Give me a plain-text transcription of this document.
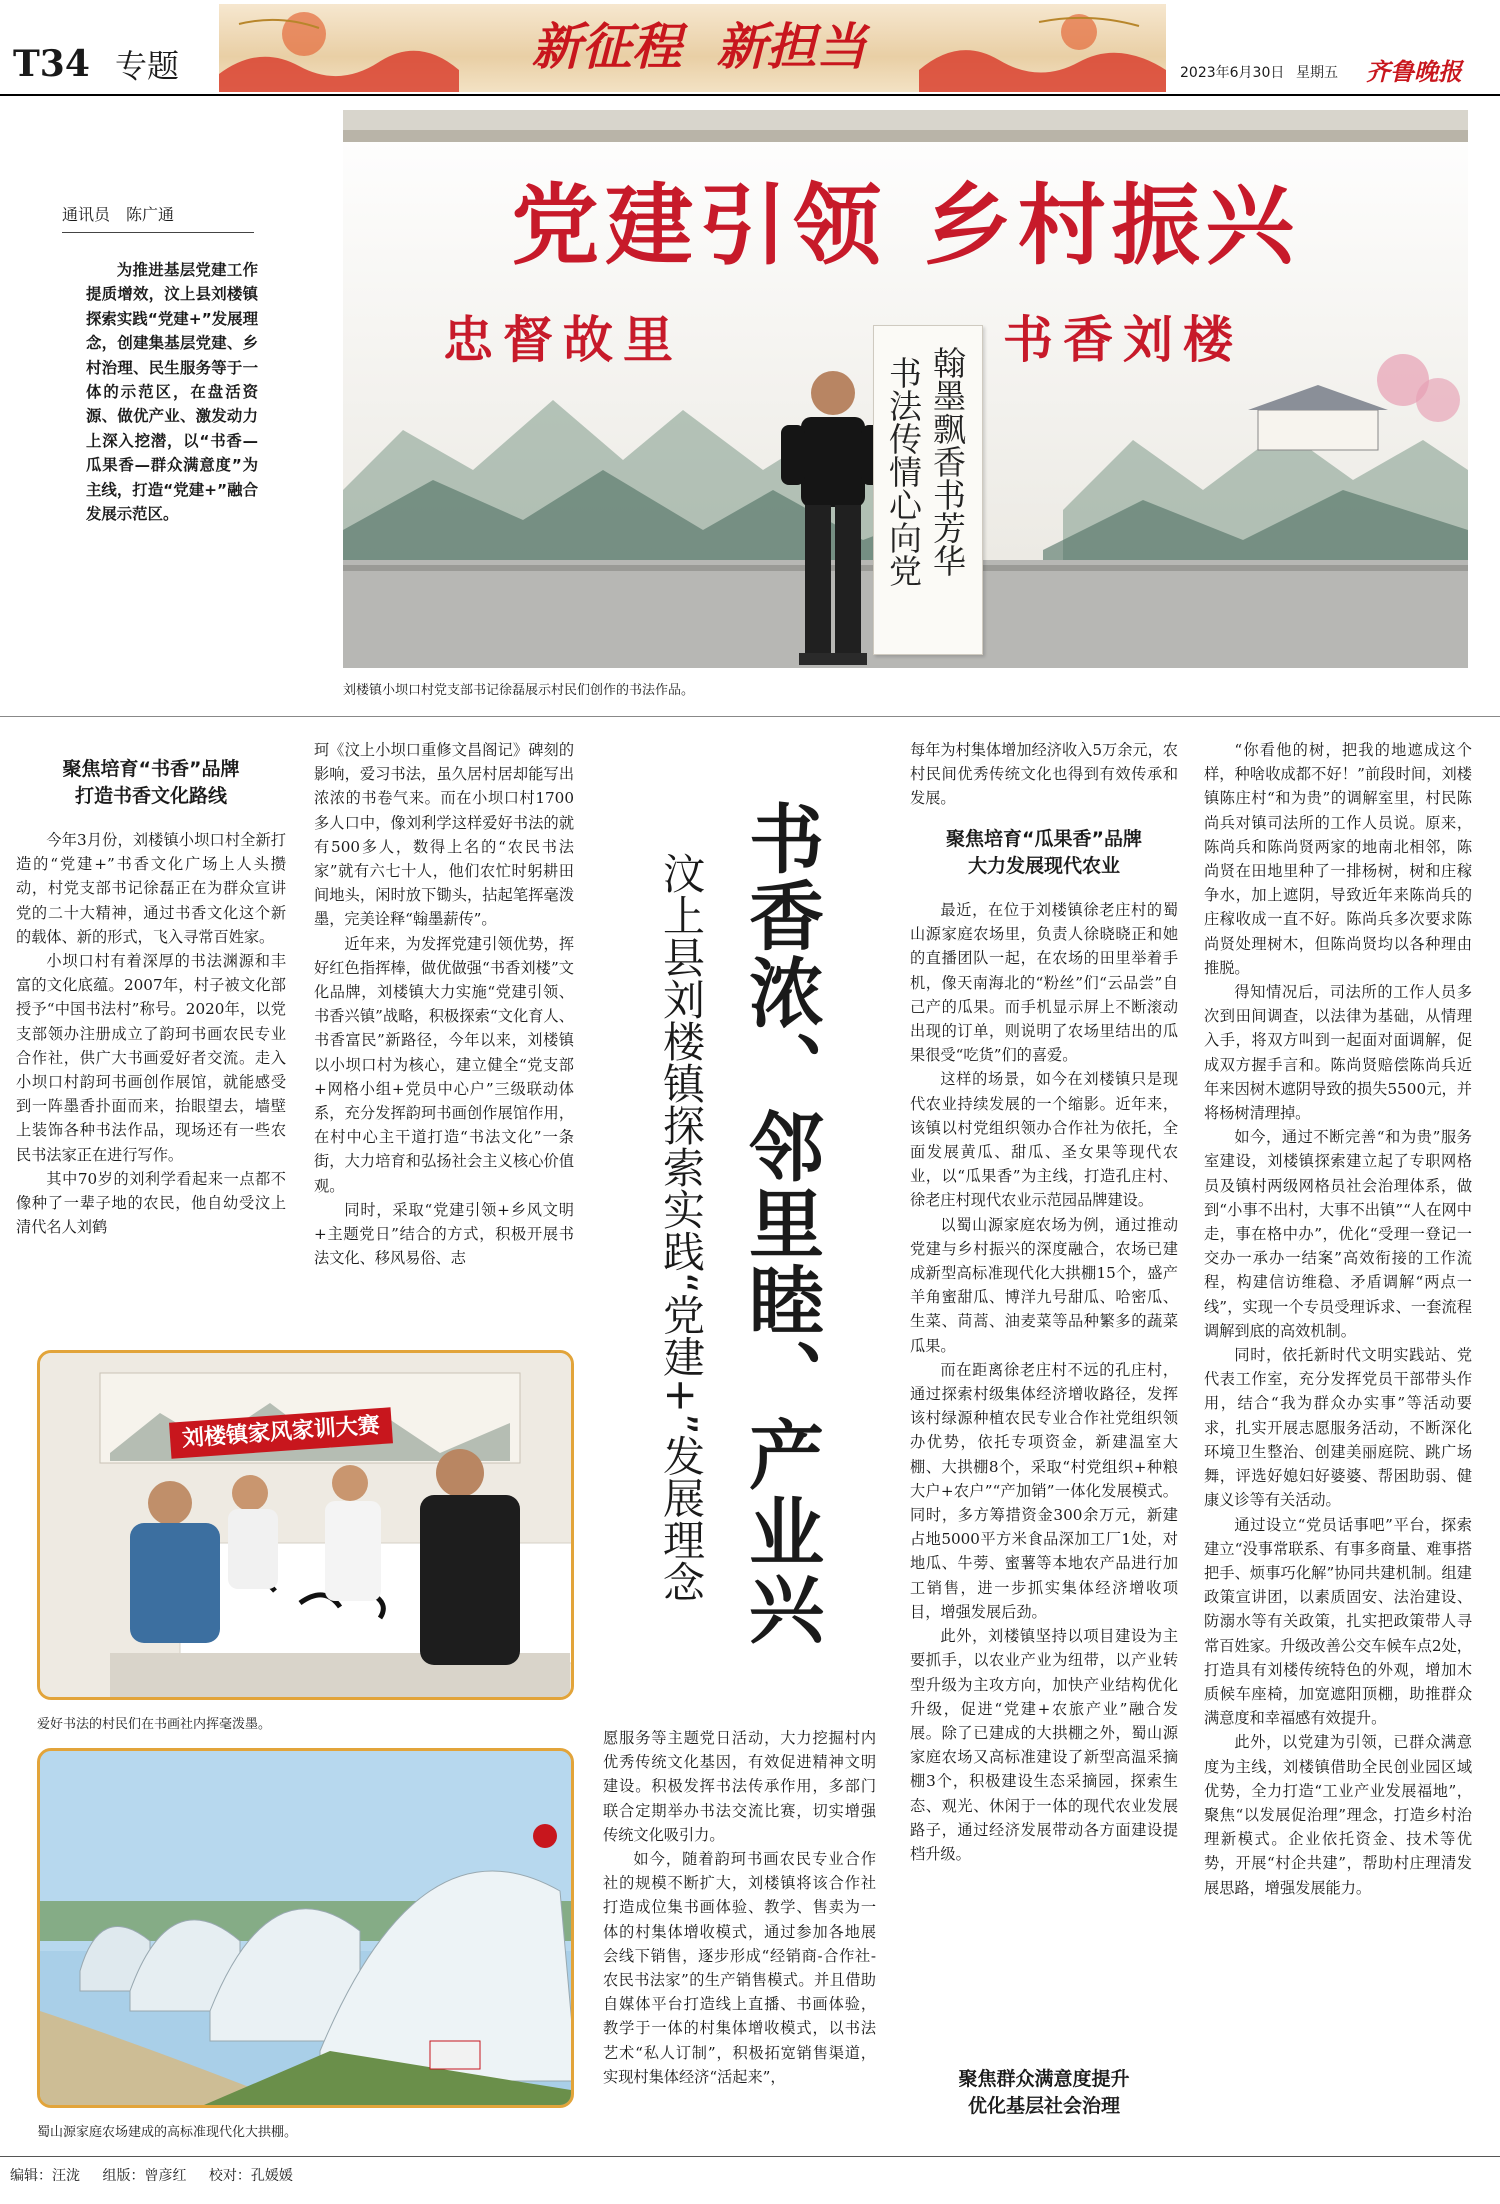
T34 专题	新征程  新担当	2023年6月30日 星期五 齐鲁晚报
通讯员　陈广通

为推进基层党建工作提质增效，汶上县刘楼镇探索实践“党建+”发展理念，创建集基层党建、乡村治理、民生服务等于一体的示范区，在盘活资源、做优产业、激发动力上深入挖潜，以“书香—瓜果香—群众满意度”为主线，打造“党建+”融合发展示范区。

党建引领 乡村振兴
忠督故里	书香刘楼
翰墨飘香书芳华
书法传情心向党
刘楼镇小坝口村党支部书记徐磊展示村民们创作的书法作品。
聚焦培育“书香”品牌
打造书香文化路线

今年3月份，刘楼镇小坝口村全新打造的“党建+”书香文化广场上人头攒动，村党支部书记徐磊正在为群众宣讲党的二十大精神，通过书香文化这个新的载体、新的形式，飞入寻常百姓家。

小坝口村有着深厚的书法渊源和丰富的文化底蕴。2007年，村子被文化部授予“中国书法村”称号。2020年，以党支部领办注册成立了韵珂书画农民专业合作社，供广大书画爱好者交流。走入小坝口村韵珂书画创作展馆，就能感受到一阵墨香扑面而来，抬眼望去，墙壁上装饰各种书法作品，现场还有一些农民书法家正在进行写作。

其中70岁的刘利学看起来一点都不像种了一辈子地的农民，他自幼受汶上清代名人刘鹤

珂《汶上小坝口重修文昌阁记》碑刻的影响，爱习书法，虽久居村居却能写出浓浓的书卷气来。而在小坝口村1700多人口中，像刘利学这样爱好书法的就有500多人，数得上名的“农民书法家”就有六七十人，他们农忙时躬耕田间地头，闲时放下锄头，拈起笔挥毫泼墨，完美诠释“翰墨薪传”。

近年来，为发挥党建引领优势，挥好红色指挥棒，做优做强“书香刘楼”文化品牌，刘楼镇大力实施“党建引领、书香兴镇”战略，积极探索“文化育人、书香富民”新路径，今年以来，刘楼镇以小坝口村为核心，建立健全“党支部+网格小组+党员中心户”三级联动体系，充分发挥韵珂书画创作展馆作用，在村中心主干道打造“书法文化”一条街，大力培育和弘扬社会主义核心价值观。

同时，采取“党建引领+乡风文明+主题党日”结合的方式，积极开展书法文化、移风易俗、志	书香浓、邻里睦、产业兴
汶上县刘楼镇探索实践“党建+”发展理念
刘楼镇家风家训大赛
爱好书法的村民们在书画社内挥毫泼墨。
蜀山源家庭农场建成的高标准现代化大拱棚。

愿服务等主题党日活动，大力挖掘村内优秀传统文化基因，有效促进精神文明建设。积极发挥书法传承作用，多部门联合定期举办书法交流比赛，切实增强传统文化吸引力。

如今，随着韵珂书画农民专业合作社的规模不断扩大，刘楼镇将该合作社打造成位集书画体验、教学、售卖为一体的村集体增收模式，通过参加各地展会线下销售，逐步形成“经销商-合作社-农民书法家”的生产销售模式。并且借助自媒体平台打造线上直播、书画体验，教学于一体的村集体增收模式，以书法艺术“私人订制”，积极拓宽销售渠道，实现村集体经济“活起来”，

每年为村集体增加经济收入5万余元，农村民间优秀传统文化也得到有效传承和发展。

聚焦培育“瓜果香”品牌
大力发展现代农业

最近，在位于刘楼镇徐老庄村的蜀山源家庭农场里，负责人徐晓晓正和她的直播团队一起，在农场的田里举着手机，像天南海北的“粉丝”们“云品尝”自己产的瓜果。而手机显示屏上不断滚动出现的订单，则说明了农场里结出的瓜果很受“吃货”们的喜爱。

这样的场景，如今在刘楼镇只是现代农业持续发展的一个缩影。近年来，该镇以村党组织领办合作社为依托，全面发展黄瓜、甜瓜、圣女果等现代农业，以“瓜果香”为主线，打造孔庄村、徐老庄村现代农业示范园品牌建设。

以蜀山源家庭农场为例，通过推动党建与乡村振兴的深度融合，农场已建成新型高标准现代化大拱棚15个，盛产羊角蜜甜瓜、博洋九号甜瓜、哈密瓜、生菜、苘蒿、油麦菜等品种繁多的蔬菜瓜果。

而在距离徐老庄村不远的孔庄村，通过探索村级集体经济增收路径，发挥该村绿源种植农民专业合作社党组织领办优势，依托专项资金，新建温室大棚、大拱棚8个，采取“村党组织+种粮大户+农户”“产加销”一体化发展模式。同时，多方筹措资金300余万元，新建占地5000平方米食品深加工厂1处，对地瓜、牛蒡、蜜薯等本地农产品进行加工销售，进一步抓实集体经济增收项目，增强发展后劲。

此外，刘楼镇坚持以项目建设为主要抓手，以农业产业为纽带，以产业转型升级为主攻方向，加快产业结构优化升级，促进“党建+农旅产业”融合发展。除了已建成的大拱棚之外，蜀山源家庭农场又高标准建设了新型高温采摘棚3个，积极建设生态采摘园，探索生态、观光、休闲于一体的现代农业发展路子，通过经济发展带动各方面建设提档升级。

聚焦群众满意度提升
优化基层社会治理

“你看他的树，把我的地遮成这个样，种啥收成都不好！”前段时间，刘楼镇陈庄村“和为贵”的调解室里，村民陈尚兵对镇司法所的工作人员说。原来，陈尚兵和陈尚贤两家的地南北相邻，陈尚贤在田地里种了一排杨树，树和庄稼争水，加上遮阴，导致近年来陈尚兵的庄稼收成一直不好。陈尚兵多次要求陈尚贤处理树木，但陈尚贤均以各种理由推脱。

得知情况后，司法所的工作人员多次到田间调查，以法律为基础，从情理入手，将双方叫到一起面对面调解，促成双方握手言和。陈尚贤赔偿陈尚兵近年来因树木遮阴导致的损失5500元，并将杨树清理掉。

如今，通过不断完善“和为贵”服务室建设，刘楼镇探索建立起了专职网格员及镇村两级网格员社会治理体系，做到“小事不出村，大事不出镇”“人在网中走，事在格中办”，优化“受理一登记一交办一承办一结案”高效衔接的工作流程，构建信访维稳、矛盾调解“两点一线”，实现一个专员受理诉求、一套流程调解到底的高效机制。

同时，依托新时代文明实践站、党代表工作室，充分发挥党员干部带头作用，结合“我为群众办实事”等活动要求，扎实开展志愿服务活动，不断深化环境卫生整治、创建美丽庭院、跳广场舞，评选好媳妇好婆婆、帮困助弱、健康义诊等有关活动。

通过设立“党员话事吧”平台，探索建立“没事常联系、有事多商量、难事搭把手、烦事巧化解”协同共建机制。组建政策宣讲团，以素质固安、法治建设、防溺水等有关政策，扎实把政策带人寻常百姓家。升级改善公交车候车点2处，打造具有刘楼传统特色的外观，增加木质候车座椅，加宽遮阳顶棚，助推群众满意度和幸福感有效提升。

此外，以党建为引领，已群众满意度为主线，刘楼镇借助全民创业园区域优势，全力打造“工业产业发展福地”，聚焦“以发展促治理”理念，打造乡村治理新模式。企业依托资金、技术等优势，开展“村企共建”，帮助村庄理清发展思路，增强发展能力。

编辑：汪泷 组版：曾彦红 校对：孔媛媛
